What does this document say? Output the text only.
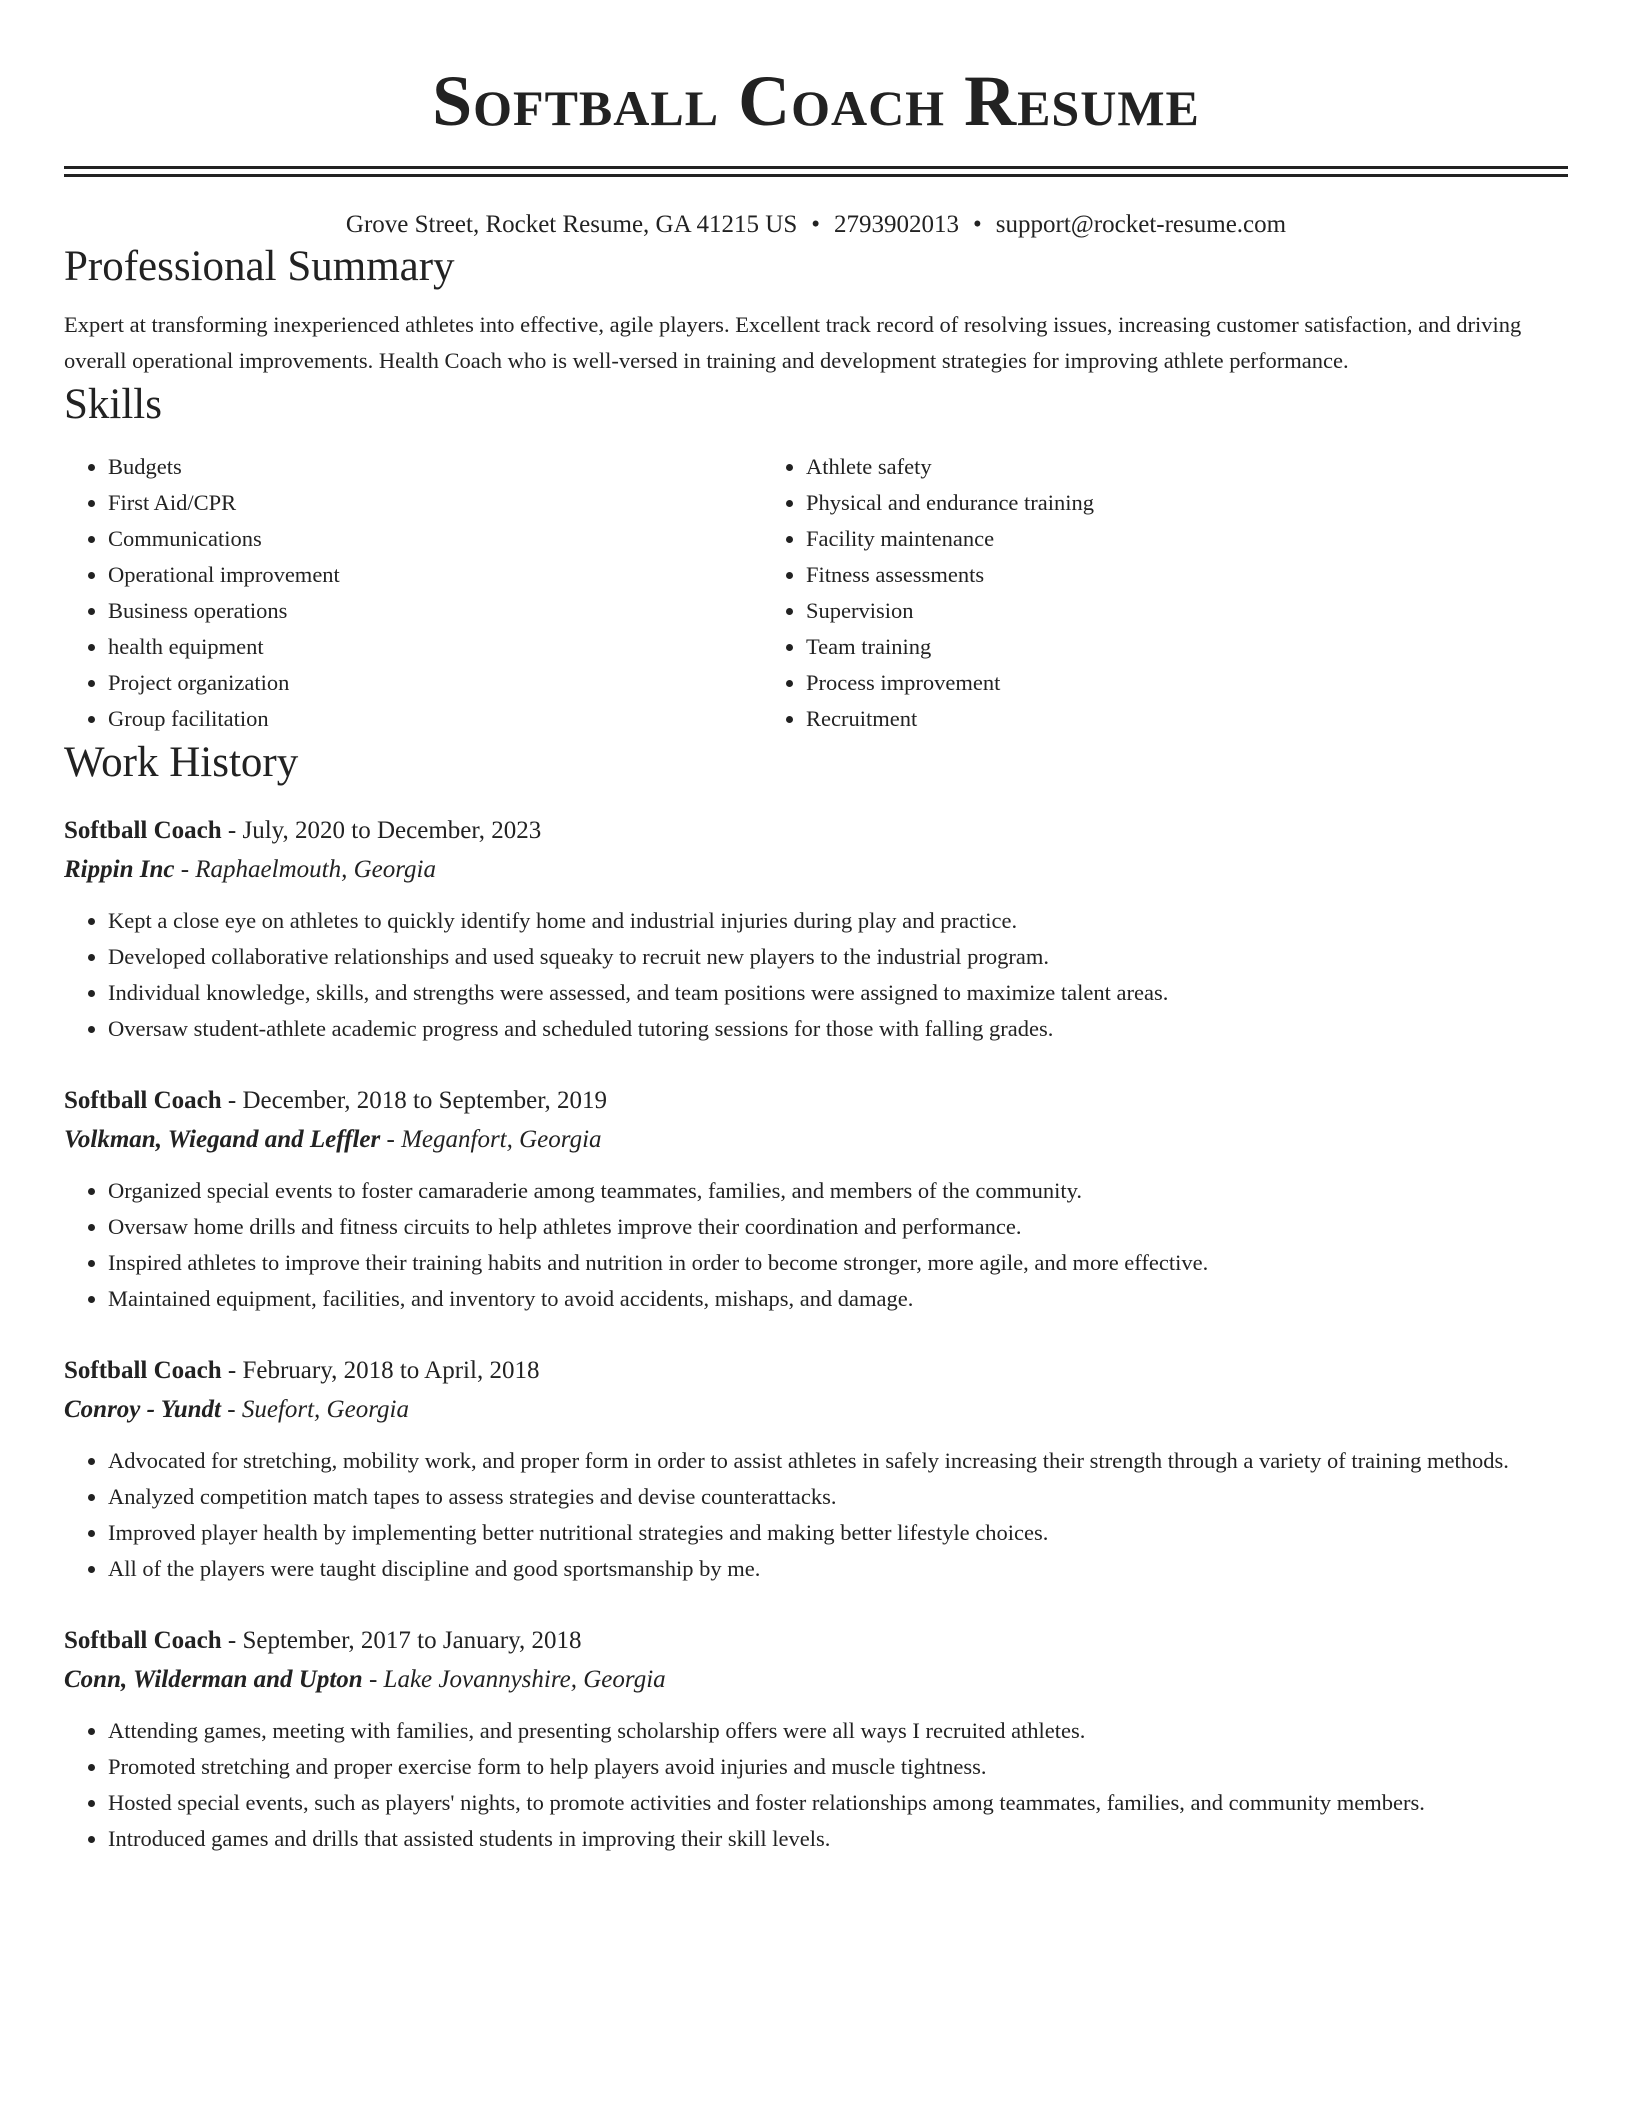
Softball Coach Resume
Grove Street, Rocket Resume, GA 41215 US • 2793902013 • support@rocket-resume.com
Professional Summary

Expert at transforming inexperienced athletes into effective, agile players. Excellent track record of resolving issues, increasing customer satisfaction, and driving overall operational improvements. Health Coach who is well-versed in training and development strategies for improving athlete performance.

Skills
• Budgets
• First Aid/CPR
• Communications
• Operational improvement
• Business operations
• health equipment
• Project organization
• Group facilitation
• Athlete safety
• Physical and endurance training
• Facility maintenance
• Fitness assessments
• Supervision
• Team training
• Process improvement
• Recruitment
Work History
Softball Coach - July, 2020 to December, 2023
Rippin Inc - Raphaelmouth, Georgia
• Kept a close eye on athletes to quickly identify home and industrial injuries during play and practice.
• Developed collaborative relationships and used squeaky to recruit new players to the industrial program.
• Individual knowledge, skills, and strengths were assessed, and team positions were assigned to maximize talent areas.
• Oversaw student-athlete academic progress and scheduled tutoring sessions for those with falling grades.
Softball Coach - December, 2018 to September, 2019
Volkman, Wiegand and Leffler - Meganfort, Georgia
• Organized special events to foster camaraderie among teammates, families, and members of the community.
• Oversaw home drills and fitness circuits to help athletes improve their coordination and performance.
• Inspired athletes to improve their training habits and nutrition in order to become stronger, more agile, and more effective.
• Maintained equipment, facilities, and inventory to avoid accidents, mishaps, and damage.
Softball Coach - February, 2018 to April, 2018
Conroy - Yundt - Suefort, Georgia
• Advocated for stretching, mobility work, and proper form in order to assist athletes in safely increasing their strength through a variety of training methods.
• Analyzed competition match tapes to assess strategies and devise counterattacks.
• Improved player health by implementing better nutritional strategies and making better lifestyle choices.
• All of the players were taught discipline and good sportsmanship by me.
Softball Coach - September, 2017 to January, 2018
Conn, Wilderman and Upton - Lake Jovannyshire, Georgia
• Attending games, meeting with families, and presenting scholarship offers were all ways I recruited athletes.
• Promoted stretching and proper exercise form to help players avoid injuries and muscle tightness.
• Hosted special events, such as players' nights, to promote activities and foster relationships among teammates, families, and community members.
• Introduced games and drills that assisted students in improving their skill levels.
